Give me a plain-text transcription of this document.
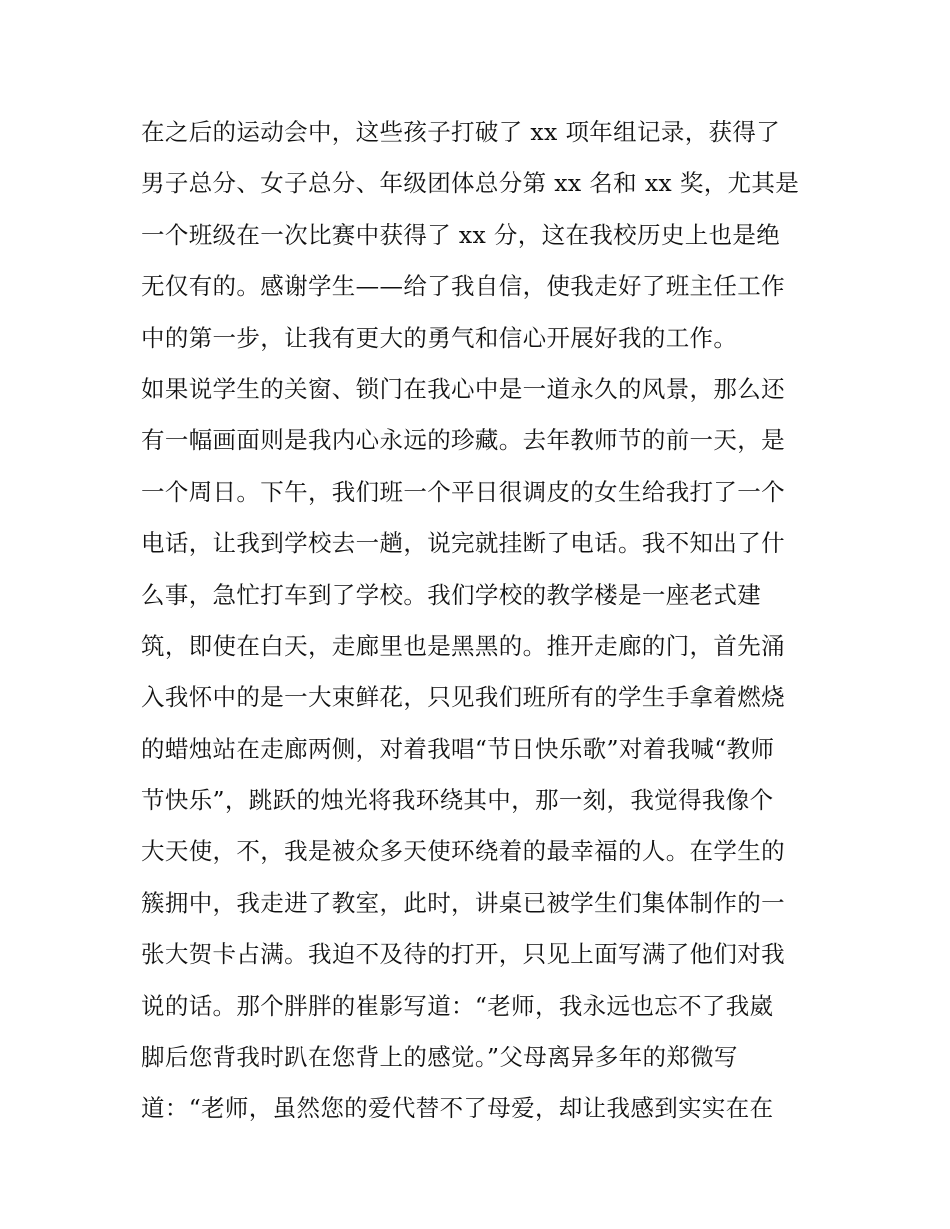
在之后的运动会中，这些孩子打破了 xx 项年组记录，获得了
男子总分、女子总分、年级团体总分第 xx 名和 xx 奖，尤其是
一个班级在一次比赛中获得了 xx 分，这在我校历史上也是绝
无仅有的。感谢学生——给了我自信，使我走好了班主任工作
中的第一步，让我有更大的勇气和信心开展好我的工作。
如果说学生的关窗、锁门在我心中是一道永久的风景，那么还
有一幅画面则是我内心永远的珍藏。去年教师节的前一天，是
一个周日。下午，我们班一个平日很调皮的女生给我打了一个
电话，让我到学校去一趟，说完就挂断了电话。我不知出了什
么事，急忙打车到了学校。我们学校的教学楼是一座老式建
筑，即使在白天，走廊里也是黑黑的。推开走廊的门，首先涌
入我怀中的是一大束鲜花，只见我们班所有的学生手拿着燃烧
的蜡烛站在走廊两侧，对着我唱“节日快乐歌”对着我喊“教师
节快乐”，跳跃的烛光将我环绕其中，那一刻，我觉得我像个
大天使，不，我是被众多天使环绕着的最幸福的人。在学生的
簇拥中，我走进了教室，此时，讲桌已被学生们集体制作的一
张大贺卡占满。我迫不及待的打开，只见上面写满了他们对我
说的话。那个胖胖的崔影写道：“老师，我永远也忘不了我崴
脚后您背我时趴在您背上的感觉。”父母离异多年的郑微写
道：“老师，虽然您的爱代替不了母爱，却让我感到实实在在
